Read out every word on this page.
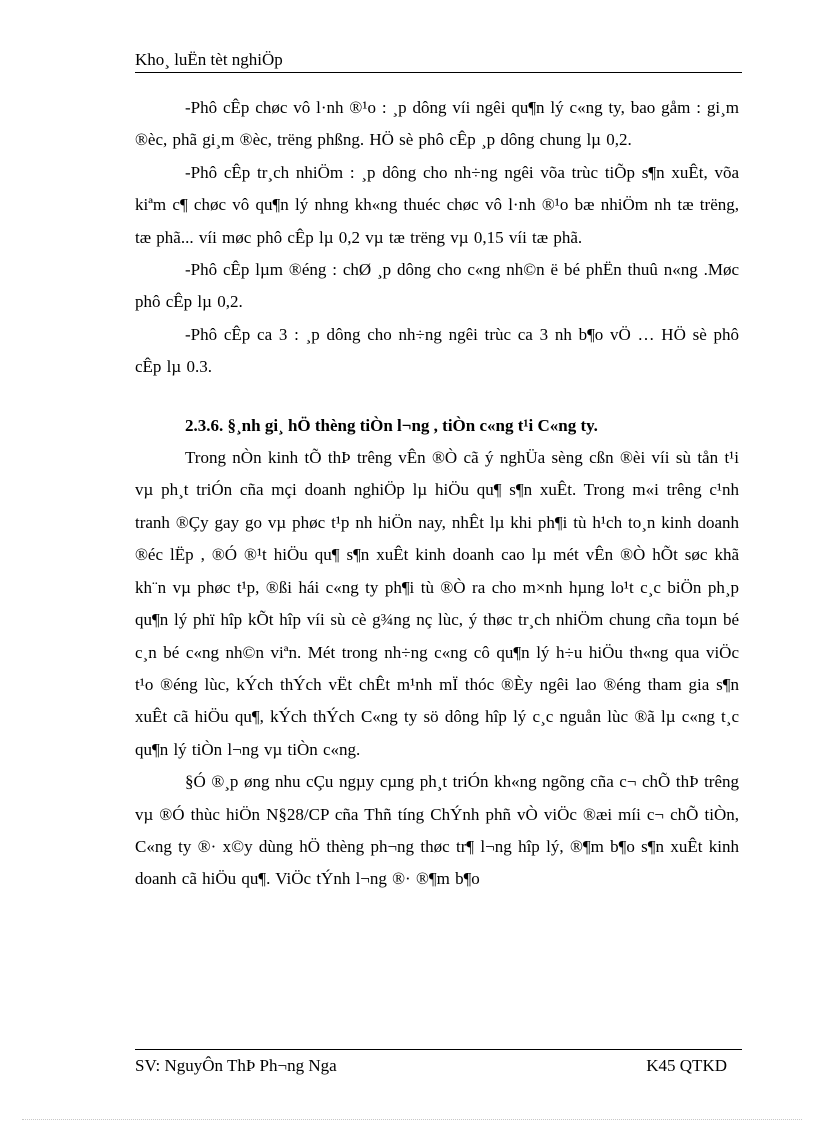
Kho¸ luËn tèt nghiÖp

-Phô cÊp chøc vô l·nh ®¹o : ¸p dông víi ngêi qu¶n lý c«ng ty, bao gåm : gi¸m ®èc, phã gi¸m ®èc, trëng phßng. HÖ sè phô cÊp ¸p dông chung lµ 0,2.

-Phô cÊp tr¸ch nhiÖm : ¸p dông cho nh÷ng ngêi võa trùc tiÕp s¶n xuÊt, võa kiªm c¶ chøc vô qu¶n lý nhng kh«ng thuéc chøc vô l·nh ®¹o bæ nhiÖm nh tæ trëng, tæ phã... víi møc phô cÊp lµ 0,2 vµ tæ trëng vµ 0,15 víi tæ phã.

-Phô cÊp lµm ®éng : chØ ¸p dông cho c«ng nh©n ë bé phËn thuû n«ng .Møc phô cÊp lµ 0,2.

-Phô cÊp ca 3 : ¸p dông cho nh÷ng ngêi trùc ca 3 nh b¶o vÖ … HÖ sè phô cÊp lµ 0.3.

2.3.6. §¸nh gi¸ hÖ thèng tiÒn l¬ng , tiÒn c«ng t¹i C«ng ty.

Trong nÒn kinh tÕ thÞ trêng vÊn ®Ò cã ý nghÜa sèng cßn ®èi víi sù tån t¹i vµ ph¸t triÓn cña mçi doanh nghiÖp lµ hiÖu qu¶ s¶n xuÊt. Trong m«i trêng c¹nh tranh ®Çy gay go vµ phøc t¹p nh hiÖn nay, nhÊt lµ khi ph¶i tù h¹ch to¸n kinh doanh ®éc lËp , ®Ó ®¹t hiÖu qu¶ s¶n xuÊt kinh doanh cao lµ mét vÊn ®Ò hÕt søc khã kh¨n vµ phøc t¹p, ®ßi hái c«ng ty ph¶i tù ®Ò ra cho m×nh hµng lo¹t c¸c biÖn ph¸p qu¶n lý phï hîp kÕt hîp víi sù cè g¾ng nç lùc, ý thøc tr¸ch nhiÖm chung cña toµn bé c¸n bé c«ng nh©n viªn. Mét trong nh÷ng c«ng cô qu¶n lý h÷u hiÖu th«ng qua viÖc t¹o ®éng lùc, kÝch thÝch vËt chÊt m¹nh mÏ thóc ®Èy ngêi lao ®éng tham gia s¶n xuÊt cã hiÖu qu¶, kÝch thÝch C«ng ty sö dông hîp lý c¸c nguån lùc ®ã lµ c«ng t¸c qu¶n lý tiÒn l¬ng vµ tiÒn c«ng.

§Ó ®¸p øng nhu cÇu ngµy cµng ph¸t triÓn kh«ng ngõng cña c¬ chÕ thÞ trêng vµ ®Ó thùc hiÖn N§28/CP cña Thñ tíng ChÝnh phñ vÒ viÖc ®æi míi c¬ chÕ tiÒn, C«ng ty ®· x©y dùng hÖ thèng ph¬ng thøc tr¶ l¬ng hîp lý, ®¶m b¶o s¶n xuÊt kinh doanh cã hiÖu qu¶. ViÖc tÝnh l¬ng ®· ®¶m b¶o

SV: NguyÔn ThÞ Ph¬ng Nga	K45 QTKD
